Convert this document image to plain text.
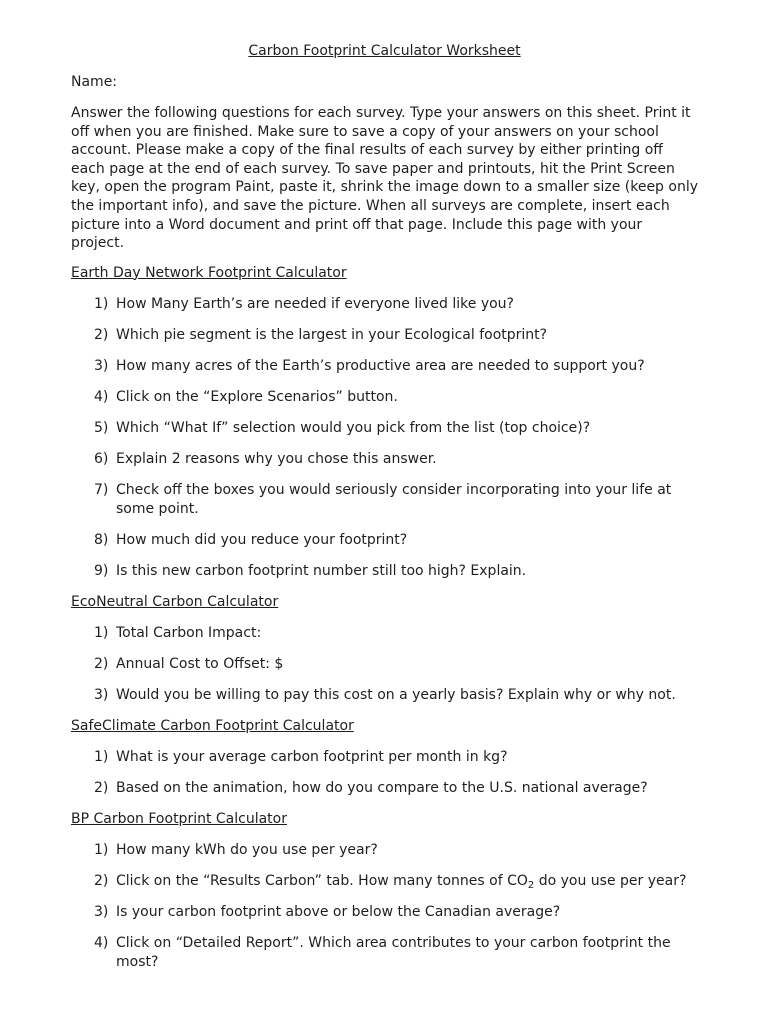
Carbon Footprint Calculator Worksheet
Name:
Answer the following questions for each survey. Type your answers on this sheet. Print it off when you are finished. Make sure to save a copy of your answers on your school account. Please make a copy of the final results of each survey by either printing off each page at the end of each survey. To save paper and printouts, hit the Print Screen key, open the program Paint, paste it, shrink the image down to a smaller size (keep only the important info), and save the picture. When all surveys are complete, insert each picture into a Word document and print off that page. Include this page with your project.
Earth Day Network Footprint Calculator
1) How Many Earth’s are needed if everyone lived like you?
2) Which pie segment is the largest in your Ecological footprint?
3) How many acres of the Earth’s productive area are needed to support you?
4) Click on the “Explore Scenarios” button.
5) Which “What If” selection would you pick from the list (top choice)?
6) Explain 2 reasons why you chose this answer.
7) Check off the boxes you would seriously consider incorporating into your life at some point.
8) How much did you reduce your footprint?
9) Is this new carbon footprint number still too high? Explain.
EcoNeutral Carbon Calculator
1) Total Carbon Impact:
2) Annual Cost to Offset: $
3) Would you be willing to pay this cost on a yearly basis? Explain why or why not.
SafeClimate Carbon Footprint Calculator
1) What is your average carbon footprint per month in kg?
2) Based on the animation, how do you compare to the U.S. national average?
BP Carbon Footprint Calculator
1) How many kWh do you use per year?
2) Click on the “Results Carbon” tab. How many tonnes of $CO_2$ do you use per year?
3) Is your carbon footprint above or below the Canadian average?
4) Click on “Detailed Report”. Which area contributes to your carbon footprint the most?
